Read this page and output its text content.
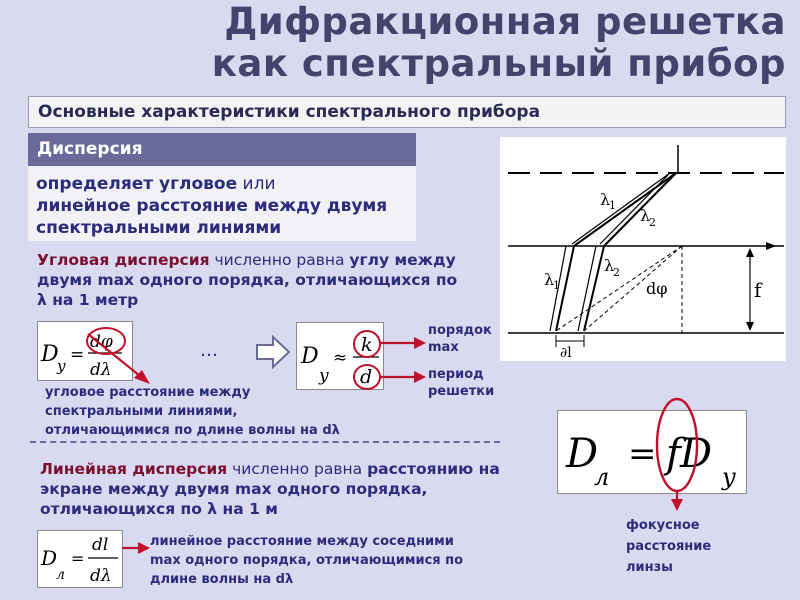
Дифракционная решетка
как спектральный прибор
Основные характеристики спектрального прибора
Дисперсия

определяет угловое или
линейное расстояние между двумя спектральными линиями

Угловая дисперсия численно равна углу между двумя max одного порядка, отличающихся по λ на 1 метр
D
y
=
dφ
dλ
…	D
y
≈
k
d
порядок max
период решетки
угловое расстояние между спектральными линиями, отличающимися по длине волны на dλ
Линейная дисперсия численно равна расстоянию на экране между двумя max одного порядка, отличающихся по λ на 1 м
D
л
=
dl
dλ
линейное расстояние между соседними max одного порядка, отличающимися по длине волны на dλ
D
л
= f D y
фокусное расстояние линзы
λ
1
λ
2
λ
1
λ
2
dφ	f
∂l
